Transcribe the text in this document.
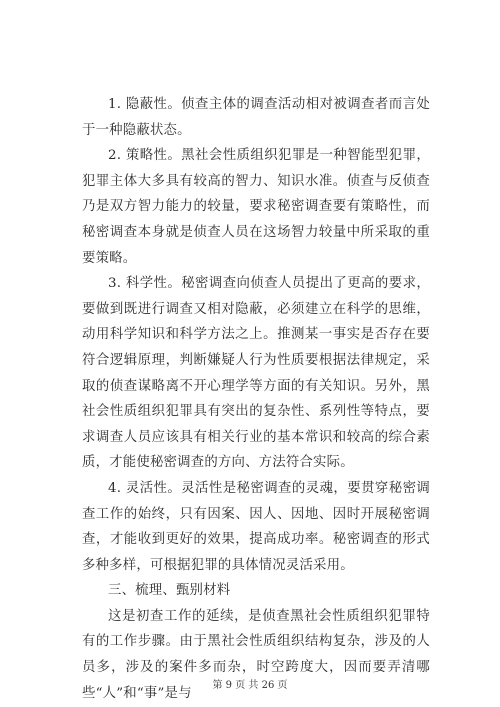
1. 隐蔽性。侦查主体的调查活动相对被调查者而言处于一种隐蔽状态。

2. 策略性。黑社会性质组织犯罪是一种智能型犯罪，犯罪主体大多具有较高的智力、知识水准。侦查与反侦查乃是双方智力能力的较量，要求秘密调查要有策略性，而秘密调查本身就是侦查人员在这场智力较量中所采取的重要策略。

3. 科学性。秘密调查向侦查人员提出了更高的要求，要做到既进行调查又相对隐蔽，必须建立在科学的思维，动用科学知识和科学方法之上。推测某一事实是否存在要符合逻辑原理，判断嫌疑人行为性质要根据法律规定，采取的侦查谋略离不开心理学等方面的有关知识。另外，黑社会性质组织犯罪具有突出的复杂性、系列性等特点，要求调查人员应该具有相关行业的基本常识和较高的综合素质，才能使秘密调查的方向、方法符合实际。

4. 灵活性。灵活性是秘密调查的灵魂，要贯穿秘密调查工作的始终，只有因案、因人、因地、因时开展秘密调查，才能收到更好的效果，提高成功率。秘密调查的形式多种多样，可根据犯罪的具体情况灵活采用。

三、梳理、甄别材料

这是初查工作的延续，是侦查黑社会性质组织犯罪特有的工作步骤。由于黑社会性质组织结构复杂，涉及的人员多，涉及的案件多而杂，时空跨度大，因而要弄清哪些“人”和“事”是与

第 9 页 共 26 页
